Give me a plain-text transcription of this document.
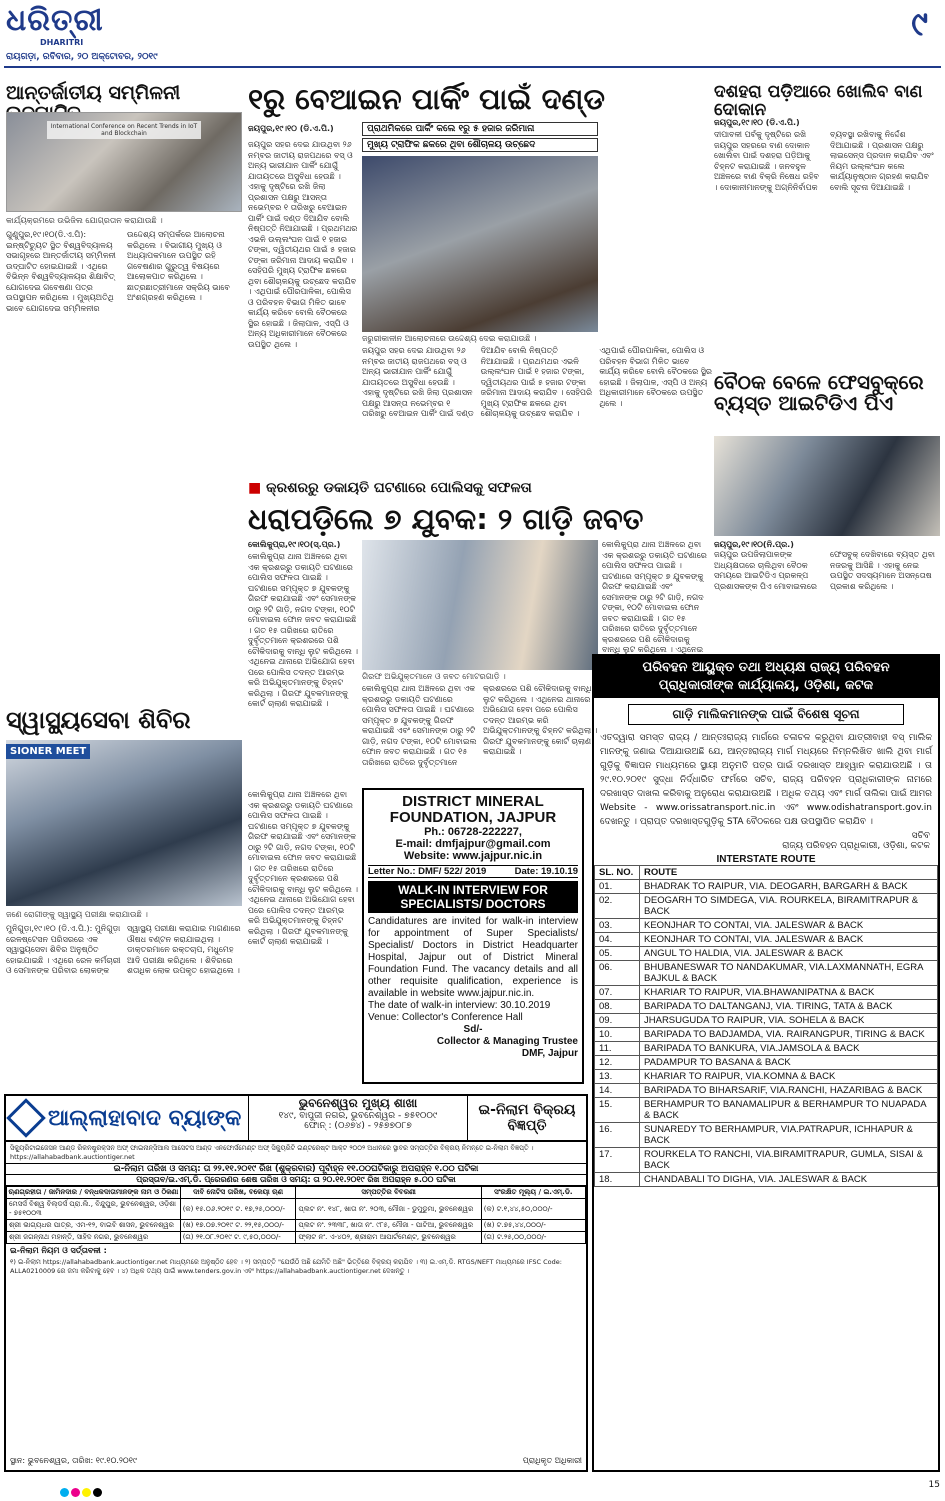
ଧରିତ୍ରୀ
DHARITRI
ରାୟଗଡ଼ା, ରବିବାର, ୨୦ ଅକ୍ଟୋବର, ୨୦୧୯
୯
ଆନ୍ତର୍ଜାତୀୟ ସମ୍ମିଳନୀ
International Conference on Recent Trends in IoT and Blockchain
କାର୍ଯ୍ୟକ୍ରମରେ ଉଭିଜିଲ ଯୋଗ୍ରତାନ କରାଯାଉଛି ।
ଗୁଣୁପୁର,୧୯।୧୦(ଡି.ଏ.ପି): ଇନ୍‌ଷ୍ଟିଚ୍ୟୁଟ ସ୍ଥିତ ବିଶ୍ୱବିଦ୍ୟାଳୟ ସଭାଗୃହରେ ଆନ୍ତର୍ଜାତୀୟ ସମ୍ମିଳନୀ ଉଦ୍‌ଘାଟିତ ହୋଇଯାଇଛି । ଏଥିରେ ବିଭିନ୍ନ ବିଶ୍ୱବିଦ୍ୟାଳୟର ଶିକ୍ଷାବିତ୍ ଯୋଗଦେଇ ଗବେଷଣା ପତ୍ର ଉପସ୍ଥାପନ କରିଥିଲେ । ମୁଖ୍ୟଅତିଥି ଭାବେ ଯୋଗଦେଇ ସମ୍ମିଳନୀର ଉଦ୍ଦେଶ୍ୟ ସମ୍ପର୍କରେ ଆଲୋଚନା କରିଥିଲେ । ବିଭାଗୀୟ ମୁଖ୍ୟ ଓ ଅଧ୍ୟାପକମାନେ ଉପସ୍ଥିତ ରହି ଗବେଷଣାର ଗୁରୁତ୍ୱ ବିଷୟରେ ଆଲୋକପାତ କରିଥିଲେ । ଛାତ୍ରଛାତ୍ରୀମାନେ ସକ୍ରିୟ ଭାବେ ଅଂଶଗ୍ରହଣ କରିଥିଲେ ।
୧ରୁ ବେଆଇନ ପାର୍କିଂ ପାଇଁ ଦଣ୍ଡ
ଜୟପୁର,୧୯।୧୦ (ଡି.ଏ.ପି.)	ପ୍ରାଥମିକରେ ପାର୍କିଂ କଲେ ୧ରୁ ୫ ହଜାର ଜରିମାନା
ମୁଖ୍ୟ ଟ୍ରାଫିକ ଛକରେ ଥିବା ଶୌଚାଳୟ ଉଚ୍ଛେଦ
ଜୟପୁର ସହର ଦେଇ ଯାଉଥିବା ୨୬ ନମ୍ବର ଜାତୀୟ ରାଜପଥରେ ବସ୍ ଓ ଅନ୍ୟ ଭାରୀଯାନ ପାର୍କିଂ ଯୋଗୁଁ ଯାତାୟତରେ ଅସୁବିଧା ହେଉଛି । ଏହାକୁ ଦୃଷ୍ଟିରେ ରଖି ଜିଲା ପ୍ରଶାସନ ପକ୍ଷରୁ ଆସନ୍ତା ନଭେମ୍ବର ୧ ତାରିଖରୁ ବେଆଇନ ପାର୍କିଂ ପାଇଁ ଦଣ୍ଡ ଦିଆଯିବ ବୋଲି ନିଷ୍ପତ୍ତି ନିଆଯାଇଛି । ପ୍ରଥମଥର ଏଭଳି ଉଲ୍ଲଂଘନ ପାଇଁ ୧ ହଜାର ଟଙ୍କା, ଦ୍ୱିତୀୟଥର ପାଇଁ ୫ ହଜାର ଟଙ୍କା ଜରିମାନା ଆଦାୟ କରାଯିବ । ସେହିପରି ମୁଖ୍ୟ ଟ୍ରାଫିକ ଛକରେ ଥିବା ଶୌଚାଳୟକୁ ଉଚ୍ଛେଦ କରାଯିବ । ଏଥିପାଇଁ ପୌରପାଳିକା, ପୋଲିସ ଓ ପରିବହନ ବିଭାଗ ମିଳିତ ଭାବେ କାର୍ଯ୍ୟ କରିବେ ବୋଲି ବୈଠକରେ ସ୍ଥିର ହୋଇଛି । ଜିଲାପାଳ, ଏସ୍‌ପି ଓ ଅନ୍ୟ ଅଧିକାରୀମାନେ ବୈଠକରେ ଉପସ୍ଥିତ ଥିଲେ ।
ଜରୁରୀକାଳୀନ ଆଲୋଚନାରେ ଉଦ୍ଦେଶ୍ୟ ଦେଇ କରାଯାଉଛି ।
ଜୟପୁର ସହର ଦେଇ ଯାଉଥିବା ୨୬ ନମ୍ବର ଜାତୀୟ ରାଜପଥରେ ବସ୍ ଓ ଅନ୍ୟ ଭାରୀଯାନ ପାର୍କିଂ ଯୋଗୁଁ ଯାତାୟତରେ ଅସୁବିଧା ହେଉଛି । ଏହାକୁ ଦୃଷ୍ଟିରେ ରଖି ଜିଲା ପ୍ରଶାସନ ପକ୍ଷରୁ ଆସନ୍ତା ନଭେମ୍ବର ୧ ତାରିଖରୁ ବେଆଇନ ପାର୍କିଂ ପାଇଁ ଦଣ୍ଡ ଦିଆଯିବ ବୋଲି ନିଷ୍ପତ୍ତି ନିଆଯାଇଛି । ପ୍ରଥମଥର ଏଭଳି ଉଲ୍ଲଂଘନ ପାଇଁ ୧ ହଜାର ଟଙ୍କା, ଦ୍ୱିତୀୟଥର ପାଇଁ ୫ ହଜାର ଟଙ୍କା ଜରିମାନା ଆଦାୟ କରାଯିବ । ସେହିପରି ମୁଖ୍ୟ ଟ୍ରାଫିକ ଛକରେ ଥିବା ଶୌଚାଳୟକୁ ଉଚ୍ଛେଦ କରାଯିବ । ଏଥିପାଇଁ ପୌରପାଳିକା, ପୋଲିସ ଓ ପରିବହନ ବିଭାଗ ମିଳିତ ଭାବେ କାର୍ଯ୍ୟ କରିବେ ବୋଲି ବୈଠକରେ ସ୍ଥିର ହୋଇଛି । ଜିଲାପାଳ, ଏସ୍‌ପି ଓ ଅନ୍ୟ ଅଧିକାରୀମାନେ ବୈଠକରେ ଉପସ୍ଥିତ ଥିଲେ ।
ଦଶହରା ପଡ଼ିଆରେ ଖୋଲିବ ବାଣ ଦୋକାନ
ଜୟପୁର,୧୯।୧୦ (ଡି.ଏ.ପି.)
ଦୀପାବଳୀ ପର୍ବକୁ ଦୃଷ୍ଟିରେ ରଖି ଜୟପୁର ସହରରେ ବାଣ ଦୋକାନ ଖୋଲିବା ପାଇଁ ଦଶହରା ପଡ଼ିଆକୁ ଚିହ୍ନଟ କରାଯାଇଛି । ଜନବହୁଳ ଅଞ୍ଚଳରେ ବାଣ ବିକ୍ରି ନିଷେଧ ରହିବ । ଦୋକାନୀମାନଙ୍କୁ ଅଗ୍ନିନିର୍ବାପକ ବ୍ୟବସ୍ଥା ରଖିବାକୁ ନିର୍ଦ୍ଦେଶ ଦିଆଯାଇଛି । ପ୍ରଶାସନ ପକ୍ଷରୁ ଲାଇସେନ୍ସ ପ୍ରଦାନ କରାଯିବ ଏବଂ ନିୟମ ଉଲ୍ଲଂଘନ କଲେ କାର୍ଯ୍ୟାନୁଷ୍ଠାନ ଗ୍ରହଣ କରାଯିବ ବୋଲି ସୂଚନା ଦିଆଯାଇଛି ।
ବୈଠକ ବେଳେ ଫେସବୁକ୍‌ରେ ବ୍ୟସ୍ତ ଆଇଟିଡିଏ ପିଏ
ଜୟପୁର,୧୯।୧୦(ନି.ପ୍ର.)
ଜୟପୁର ଉପଜିଲାପାଳଙ୍କ ଅଧ୍ୟକ୍ଷତାରେ ଚାଲିଥିବା ବୈଠକ ସମୟରେ ଆଇଟିଡିଏ ପ୍ରକଳ୍ପ ପ୍ରଶାସକଙ୍କ ପିଏ ମୋବାଇଲରେ ଫେସବୁକ୍ ଦେଖିବାରେ ବ୍ୟସ୍ତ ଥିବା ନଜରକୁ ଆସିଛି । ଏହାକୁ ନେଇ ଉପସ୍ଥିତ ସଦସ୍ୟମାନେ ଅସନ୍ତୋଷ ପ୍ରକାଶ କରିଥିଲେ ।
■ କ୍ରଶରରୁ ଡକାୟତି ଘଟଣାରେ ପୋଲିସକୁ ସଫଳତା
ଧରାପଡ଼ିଲେ ୭ ଯୁବକ: ୨ ଗାଡ଼ି ଜବତ
କୋଲିକୁପ୍ରା,୧୯।୧୦(ସ୍.ପ୍ର.)
କୋଲିକୁପ୍ରା ଥାନା ଅଞ୍ଚଳରେ ଥିବା ଏକ କ୍ରଶରରୁ ଡକାୟତି ଘଟଣାରେ ପୋଲିସ ସଫଳତା ପାଇଛି । ଘଟଣାରେ ସମ୍ପୃକ୍ତ ୭ ଯୁବକଙ୍କୁ ଗିରଫ କରାଯାଇଛି ଏବଂ ସେମାନଙ୍କ ଠାରୁ ୨ଟି ଗାଡ଼ି, ନଗଦ ଟଙ୍କା, ୧୦ଟି ମୋବାଇଲ ଫୋନ ଜବତ କରାଯାଇଛି । ଗତ ୧୫ ତାରିଖରେ ରାତିରେ ଦୁର୍ବୃତ୍ତମାନେ କ୍ରଶରରେ ପଶି ଚୌକିଦାରକୁ ବାନ୍ଧି ଲୁଟ କରିଥିଲେ । ଏଥିନେଇ ଥାନାରେ ଅଭିଯୋଗ ହେବା ପରେ ପୋଲିସ ତଦନ୍ତ ଆରମ୍ଭ କରି ଅଭିଯୁକ୍ତମାନଙ୍କୁ ଚିହ୍ନଟ କରିଥିଲା । ଗିରଫ ଯୁବକମାନଙ୍କୁ କୋର୍ଟ ଚାଲାଣ କରାଯାଇଛି ।
ଗିରଫ ଅଭିଯୁକ୍ତମାନେ ଓ ଜବତ ମୋଟରଗାଡ଼ି ।
କୋଲିକୁପ୍ରା ଥାନା ଅଞ୍ଚଳରେ ଥିବା ଏକ କ୍ରଶରରୁ ଡକାୟତି ଘଟଣାରେ ପୋଲିସ ସଫଳତା ପାଇଛି । ଘଟଣାରେ ସମ୍ପୃକ୍ତ ୭ ଯୁବକଙ୍କୁ ଗିରଫ କରାଯାଇଛି ଏବଂ ସେମାନଙ୍କ ଠାରୁ ୨ଟି ଗାଡ଼ି, ନଗଦ ଟଙ୍କା, ୧୦ଟି ମୋବାଇଲ ଫୋନ ଜବତ କରାଯାଇଛି । ଗତ ୧୫ ତାରିଖରେ ରାତିରେ ଦୁର୍ବୃତ୍ତମାନେ କ୍ରଶରରେ ପଶି ଚୌକିଦାରକୁ ବାନ୍ଧି ଲୁଟ କରିଥିଲେ । ଏଥିନେଇ ଥାନାରେ ଅଭିଯୋଗ ହେବା ପରେ ପୋଲିସ ତଦନ୍ତ ଆରମ୍ଭ କରି ଅଭିଯୁକ୍ତମାନଙ୍କୁ ଚିହ୍ନଟ କରିଥିଲା । ଗିରଫ ଯୁବକମାନଙ୍କୁ କୋର୍ଟ ଚାଲାଣ କରାଯାଇଛି ।
କୋଲିକୁପ୍ରା ଥାନା ଅଞ୍ଚଳରେ ଥିବା ଏକ କ୍ରଶରରୁ ଡକାୟତି ଘଟଣାରେ ପୋଲିସ ସଫଳତା ପାଇଛି । ଘଟଣାରେ ସମ୍ପୃକ୍ତ ୭ ଯୁବକଙ୍କୁ ଗିରଫ କରାଯାଇଛି ଏବଂ ସେମାନଙ୍କ ଠାରୁ ୨ଟି ଗାଡ଼ି, ନଗଦ ଟଙ୍କା, ୧୦ଟି ମୋବାଇଲ ଫୋନ ଜବତ କରାଯାଇଛି । ଗତ ୧୫ ତାରିଖରେ ରାତିରେ ଦୁର୍ବୃତ୍ତମାନେ କ୍ରଶରରେ ପଶି ଚୌକିଦାରକୁ ବାନ୍ଧି ଲୁଟ କରିଥିଲେ । ଏଥିନେଇ
ସ୍ୱାସ୍ଥ୍ୟସେବା ଶିବିର
SIONER MEET
ଜଣେ ରୋଗୀଙ୍କୁ ସ୍ୱାସ୍ଥ୍ୟ ପରୀକ୍ଷା କରାଯାଉଛି ।
ମୁନିଗୁଡ଼ା,୧୯।୧୦ (ଡି.ଏ.ପି.): ମୁନିଗୁଡ଼ା ରେଳଷ୍ଟେସନ ପରିସରରେ ଏକ ସ୍ୱାସ୍ଥ୍ୟସେବା ଶିବିର ଅନୁଷ୍ଠିତ ହୋଇଯାଇଛି । ଏଥିରେ ରେଳ କର୍ମଚାରୀ ଓ ସେମାନଙ୍କ ପରିବାର ଲୋକଙ୍କ ସ୍ୱାସ୍ଥ୍ୟ ପରୀକ୍ଷା କରାଯାଇ ମାଗଣାରେ ଔଷଧ ବଣ୍ଟନ କରାଯାଇଥିଲା । ଡାକ୍ତରମାନେ ରକ୍ତଚାପ, ମଧୁମେହ ଆଦି ପରୀକ୍ଷା କରିଥିଲେ । ଶିବିରରେ ଶତାଧିକ ଲୋକ ଉପକୃତ ହୋଇଥିଲେ ।
କୋଲିକୁପ୍ରା ଥାନା ଅଞ୍ଚଳରେ ଥିବା ଏକ କ୍ରଶରରୁ ଡକାୟତି ଘଟଣାରେ ପୋଲିସ ସଫଳତା ପାଇଛି । ଘଟଣାରେ ସମ୍ପୃକ୍ତ ୭ ଯୁବକଙ୍କୁ ଗିରଫ କରାଯାଇଛି ଏବଂ ସେମାନଙ୍କ ଠାରୁ ୨ଟି ଗାଡ଼ି, ନଗଦ ଟଙ୍କା, ୧୦ଟି ମୋବାଇଲ ଫୋନ ଜବତ କରାଯାଇଛି । ଗତ ୧୫ ତାରିଖରେ ରାତିରେ ଦୁର୍ବୃତ୍ତମାନେ କ୍ରଶରରେ ପଶି ଚୌକିଦାରକୁ ବାନ୍ଧି ଲୁଟ କରିଥିଲେ । ଏଥିନେଇ ଥାନାରେ ଅଭିଯୋଗ ହେବା ପରେ ପୋଲିସ ତଦନ୍ତ ଆରମ୍ଭ କରି ଅଭିଯୁକ୍ତମାନଙ୍କୁ ଚିହ୍ନଟ କରିଥିଲା । ଗିରଫ ଯୁବକମାନଙ୍କୁ କୋର୍ଟ ଚାଲାଣ କରାଯାଇଛି ।
DISTRICT MINERAL
FOUNDATION, JAJPUR
Ph.: 06728-222227,
E-mail: dmfjajpur@gmail.com
Website: www.jajpur.nic.in
Letter No.: DMF/ 522/ 2019	Date: 19.10.19
WALK-IN INTERVIEW FOR SPECIALISTS/ DOCTORS
Candidatures are invited for walk-in interview for appointment of Super Specialists/ Specialist/ Doctors in District Headquarter Hospital, Jajpur out of District Mineral Foundation Fund. The vacancy details and all other requisite qualification, experience is available in website www.jajpur.nic.in.
The date of walk-in interview: 30.10.2019
Venue: Collector's Conference Hall
Sd/-
Collector & Managing Trustee
DMF, Jajpur
ପରିବହନ ଆୟୁକ୍ତ ତଥା ଅଧ୍ୟକ୍ଷ ରାଜ୍ୟ ପରିବହନ
ପ୍ରାଧିକାରୀଙ୍କ କାର୍ଯ୍ୟାଳୟ, ଓଡ଼ିଶା, କଟକ
ଗାଡ଼ି ମାଲିକମାନଙ୍କ ପାଇଁ ବିଶେଷ ସୂଚନା
ଏତଦ୍ୱାରା ସମସ୍ତ ରାଜ୍ୟ / ଆନ୍ତଃରାଜ୍ୟ ମାର୍ଗରେ ଚଳାଚଳ କରୁଥିବା ଯାତ୍ରୀବାହୀ ବସ୍ ମାଲିକ ମାନଙ୍କୁ ଜଣାଇ ଦିଆଯାଉଅଛି ଯେ, ଆନ୍ତଃରାଜ୍ୟ ମାର୍ଗ ମଧ୍ୟରେ ନିମ୍ନଲିଖିତ ଖାଲି ଥିବା ମାର୍ଗ ଗୁଡ଼ିକୁ ବିଜ୍ଞାପନ ମାଧ୍ୟମରେ ସ୍ଥାୟୀ ଅନୁମତି ପତ୍ର ପାଇଁ ଦରଖାସ୍ତ ଆହ୍ୱାନ କରାଯାଉଅଛି । ତା ୨୯.୧୦.୨୦୧୯ ସୁଦ୍ଧା ନିର୍ଦ୍ଧାରିତ ଫର୍ମରେ ସଚିବ, ରାଜ୍ୟ ପରିବହନ ପ୍ରାଧିକାରୀଙ୍କ ନାମରେ ଦରଖାସ୍ତ ଦାଖଲ କରିବାକୁ ଅନୁରୋଧ କରାଯାଉଅଛି । ଅଧିକ ତଥ୍ୟ ଏବଂ ମାର୍ଗ ତାଲିକା ପାଇଁ ଆମର Website - www.orissatransport.nic.in ଏବଂ www.odishatransport.gov.in ଦେଖନ୍ତୁ । ପ୍ରାପ୍ତ ଦରଖାସ୍ତଗୁଡ଼ିକୁ STA ବୈଠକରେ ପକ୍ଷ ଉପସ୍ଥାପିତ କରାଯିବ ।
ସଚିବ
ରାଜ୍ୟ ପରିବହନ ପ୍ରାଧିକାରୀ, ଓଡ଼ିଶା, କଟକ
INTERSTATE ROUTE
SL. NO.	ROUTE
01.	BHADRAK TO RAIPUR, VIA. DEOGARH, BARGARH & BACK
02.	DEOGARH TO SIMDEGA, VIA. ROURKELA, BIRAMITRAPUR & BACK
03.	KEONJHAR TO CONTAI, VIA. JALESWAR & BACK
04.	KEONJHAR TO CONTAI, VIA. JALESWAR & BACK
05.	ANGUL TO HALDIA, VIA. JALESWAR & BACK
06.	BHUBANESWAR TO NANDAKUMAR, VIA.LAXMANNATH, EGRA BAJKUL & BACK
07.	KHARIAR TO RAIPUR, VIA.BHAWANIPATNA & BACK
08.	BARIPADA TO DALTANGANJ, VIA. TIRING, TATA & BACK
09.	JHARSUGUDA TO RAIPUR, VIA. SOHELA & BACK
10.	BARIPADA TO BADJAMDA, VIA. RAIRANGPUR, TIRING & BACK
11.	BARIPADA TO BANKURA, VIA.JAMSOLA & BACK
12.	PADAMPUR TO BASANA & BACK
13.	KHARIAR TO RAIPUR, VIA.KOMNA & BACK
14.	BARIPADA TO BIHARSARIF, VIA.RANCHI, HAZARIBAG & BACK
15.	BERHAMPUR TO BANAMALIPUR & BERHAMPUR TO NUAPADA & BACK
16.	SUNAREDY TO BERHAMPUR, VIA.PATRAPUR, ICHHAPUR & BACK
17.	ROURKELA TO RANCHI, VIA.BIRAMITRAPUR, GUMLA, SISAI & BACK
18.	CHANDABALI TO DIGHA, VIA. JALESWAR & BACK
ଆଲ୍ଲାହାବାଦ ବ୍ୟାଙ୍କ
ଭୁବନେଶ୍ୱର ମୁଖ୍ୟ ଶାଖା
୧୪୯, ବାପୁଜୀ ନଗର, ଭୁବନେଶ୍ୱର - ୭୫୧୦୦୯
ଫୋନ୍ : (୦୬୭୪) - ୨୫୭୭୦୮୭
ଇ-ନିଲାମ ବିକ୍ରୟ ବିଜ୍ଞପ୍ତି
ସିକ୍ୟୁରିଟାଇଜେସନ ଆଣ୍ଡ ରିକନଷ୍ଟ୍ରକ୍ସନ ଅଫ୍ ଫାଇନାନ୍ସିଆଲ ଆସେଟସ ଆଣ୍ଡ ଏନଫୋର୍ସମେଣ୍ଟ ଅଫ୍ ସିକ୍ୟୁରିଟି ଇଣ୍ଟରେଷ୍ଟ ଆକ୍ଟ ୨୦୦୨ ଅଧୀନରେ ସ୍ଥାବର ସମ୍ପତ୍ତିର ବିକ୍ରୟ ନିମନ୍ତେ ଇ-ନିଲାମ ବିଜ୍ଞପ୍ତି । https://allahabadbank.auctiontiger.net
ଇ-ନିଲାମ ତାରିଖ ଓ ସମୟ: ତା ୨୨.୧୧.୨୦୧୯ ରିଖ (ଶୁକ୍ରବାର) ପୂର୍ବାହ୍ନ ୧୧.୦୦ଘଟିକାରୁ ଅପରାହ୍ନ ୧.୦୦ ଘଟିକା
ପ୍ରସ୍ତାବ/ଇ.ଏମ୍.ଡି. ପ୍ରେରଣର ଶେଷ ତାରିଖ ଓ ସମୟ: ତା ୨୦.୧୧.୨୦୧୯ ରିଖ ଅପରାହ୍ନ ୫.୦୦ ଘଟିକା
ଋଣଗ୍ରହୀତା / ଜାମିନଦାର / ବନ୍ଧକଦାତାମାନଙ୍କ ନାମ ଓ ଠିକଣା	ଦାବି ନୋଟିସ ତାରିଖ, ବକେୟା ଋଣ	ସମ୍ପତ୍ତିର ବିବରଣୀ	ସଂରକ୍ଷିତ ମୂଲ୍ୟ / ଇ.ଏମ୍.ଡି.
ମେସର୍ସ ବିଶ୍ୱ ବିଲ୍ଡର୍ସ ପ୍ରା.ଲି., ବିନ୍ଦୁପୁର, ଭୁବନେଶ୍ୱର, ଓଡ଼ିଶା - ୭୫୧୦୦୩	(କ) ୧୫.୦୬.୨୦୧୯ ଟ. ୧୭,୨୫,୦୦୦/-	ପ୍ଲଟ ନଂ. ୧୪୮, ଖାତା ନଂ. ୨୦୩, ମୌଜା - ଡୁମୁଡୁମା, ଭୁବନେଶ୍ୱର	(କ) ଟ.୧,୪୪,୫୦,୦୦୦/-
ଶ୍ରୀ ଭାଗ୍ୟଧର ପାତ୍ର, ଏମ-୧୨, ବାଇବି ଶାସନ, ଭୁବନେଶ୍ୱର	(ଖ) ୧୭.୦୭.୨୦୧୯ ଟ. ୨୨,୧୫,୦୦୦/-	ପ୍ଲଟ ନଂ. ୨୩୩୮, ଖାତା ନଂ. ୯୮୫, ମୌଜା - ପାଟିଆ, ଭୁବନେଶ୍ୱର	(ଖ) ଟ.୭୫,୪୪,୦୦୦/-
ଶ୍ରୀ ଜଗନ୍ନାଥ ମହାନ୍ତି, ସାହିଦ ନଗର, ଭୁବନେଶ୍ୱର	(ଗ) ୨୧.୦୮.୨୦୧୯ ଟ. ୯,୫୦,୦୦୦/-	ଫ୍ଲାଟ ନଂ. ଏ-୪୦୨, ଶ୍ରୀରାମ ଆପାର୍ଟମେଣ୍ଟ, ଭୁବନେଶ୍ୱର	(ଗ) ଟ.୨୫,୦୦,୦୦୦/-
ଇ-ନିଲାମ ନିୟମ ଓ ସର୍ତ୍ତାବଳୀ :
୧) ଇ-ନିଲାମ https://allahabadbank.auctiontiger.net ମାଧ୍ୟମରେ ଅନୁଷ୍ଠିତ ହେବ । ୨) ସମ୍ପତ୍ତି "ଯେଉଁଠି ଅଛି ଯେମିତି ଅଛି" ଭିତ୍ତିରେ ବିକ୍ରୟ କରାଯିବ । ୩) ଇ.ଏମ୍.ଡି. RTGS/NEFT ମାଧ୍ୟମରେ IFSC Code: ALLA0210009 ରେ ଜମା କରିବାକୁ ହେବ । ୪) ଅଧିକ ତଥ୍ୟ ପାଇଁ www.tenders.gov.in ଏବଂ https://allahabadbank.auctiontiger.net ଦେଖନ୍ତୁ ।
ସ୍ଥାନ: ଭୁବନେଶ୍ୱର, ତାରିଖ: ୧୯.୧୦.୨୦୧୯	ପ୍ରାଧିକୃତ ଅଧିକାରୀ
15
